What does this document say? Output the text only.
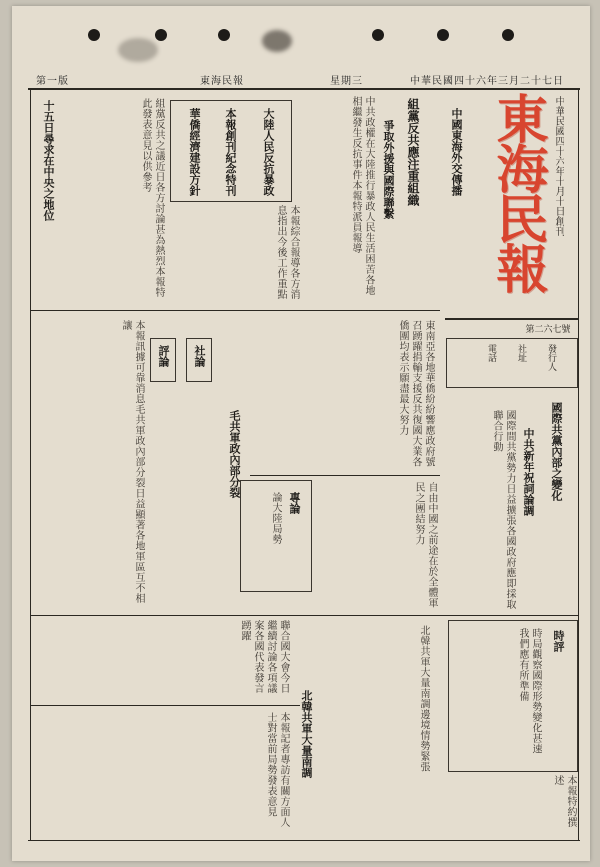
第一版	東海民報	星期三	中華民國四十六年三月二十七日
中華民國四十六年十月十日創刊
東海民報
中國東海外交傳播
第二六七號
發行人
社址
電話
國際共黨內部之變化
中共新年祝詞論調
國際間共黨勢力日益擴張各國政府應即採取聯合行動
組黨反共應注重組織
爭取外援與國際聯繫
中共政權在大陸推行暴政人民生活困苦各地相繼發生反抗事件本報特派員報導
大陸人民反抗暴政
本報創刊紀念特刊
華僑經濟建設方針
本報綜合報導各方消息指出今後工作重點
十五日尋求在中央之地位	組黨反共之議近日各方討論甚為熱烈本報特此發表意見以供參考
評論 社論
毛共軍政內部分裂
本報訊據可靠消息毛共軍政內部分裂日益顯著各地軍區互不相讓	東南亞各地華僑紛紛響應政府號召踴躍捐輸支援反共復國大業各僑團均表示願盡最大努力
專論
論大陸局勢	自由中國之前途在於全體軍民之團結努力
北韓共軍大量南調
聯合國大會今日繼續討論各項議案各國代表發言踴躍
本報記者專訪有關方面人士對當前局勢發表意見	北韓共軍大量南調邊境情勢緊張	時評
時局觀察國際形勢變化甚速我們應有所準備
本報特約撰述
